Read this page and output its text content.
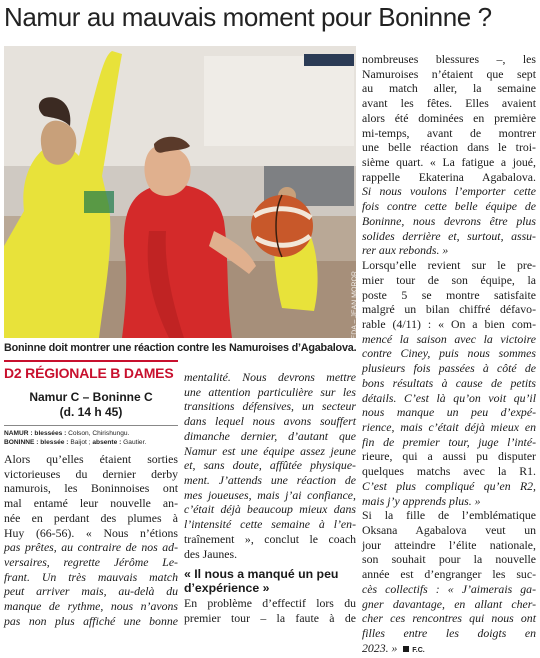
Namur au mauvais moment pour Boninne ?
EDA – JEAN MOROR
Boninne doit montrer une réaction contre les Namuroises d’Agabalova.
D2 RÉGIONALE B DAMES
Namur C – Boninne C
(d. 14 h 45)
NAMUR : blessées : Colson, Chirishungu.
BONINNE : blessée : Baijot ; absente : Gautier.
Alors qu’elles étaient sorties
victorieuses du dernier derby
namurois, les Boninnoises ont
mal entamé leur nouvelle an-
née en perdant des plumes à
Huy (66-56). « Nous n’étions
pas prêtes, au contraire de nos ad-
versaires, regrette Jérôme Le-
frant. Un très mauvais match
peut arriver mais, au-delà du
manque de rythme, nous n’avons
pas non plus affiché une bonne
mentalité. Nous devrons mettre
une attention particulière sur les
transitions défensives, un secteur
dans lequel nous avons souffert
dimanche dernier, d’autant que
Namur est une équipe assez jeune
et, sans doute, affûtée physique-
ment. J’attends une réaction de
mes joueuses, mais j’ai confiance,
c’était déjà beaucoup mieux dans
l’intensité cette semaine à l’en-
traînement », conclut le coach
des Jaunes.
« Il nous a manqué un peu
d’expérience »
En problème d’effectif lors du
premier tour – la faute à de
nombreuses blessures –, les
Namuroises n’étaient que sept
au match aller, la semaine
avant les fêtes. Elles avaient
alors été dominées en première
mi-temps, avant de montrer
une belle réaction dans le troi-
sième quart. « La fatigue a joué,
rappelle Ekaterina Agabalova.
Si nous voulons l’emporter cette
fois contre cette belle équipe de
Boninne, nous devrons être plus
solides derrière et, surtout, assu-
rer aux rebonds. »
Lorsqu’elle revient sur le pre-
mier tour de son équipe, la
poste 5 se montre satisfaite
malgré un bilan chiffré défavo-
rable (4/11) : « On a bien com-
mencé la saison avec la victoire
contre Ciney, puis nous sommes
plusieurs fois passées à côté de
bons résultats à cause de petits
détails. C’est là qu’on voit qu’il
nous manque un peu d’expé-
rience, mais c’était déjà mieux en
fin de premier tour, juge l’inté-
rieure, qui a aussi pu disputer
quelques matchs avec la R1.
C’est plus compliqué qu’en R2,
mais j’y apprends plus. »
Si la fille de l’emblématique
Oksana Agabalova veut un
jour atteindre l’élite nationale,
son souhait pour la nouvelle
année est d’engranger les suc-
cès collectifs : « J’aimerais ga-
gner davantage, en allant cher-
cher ces rencontres qui nous ont
filles entre les doigts en
2023. » F.C.
